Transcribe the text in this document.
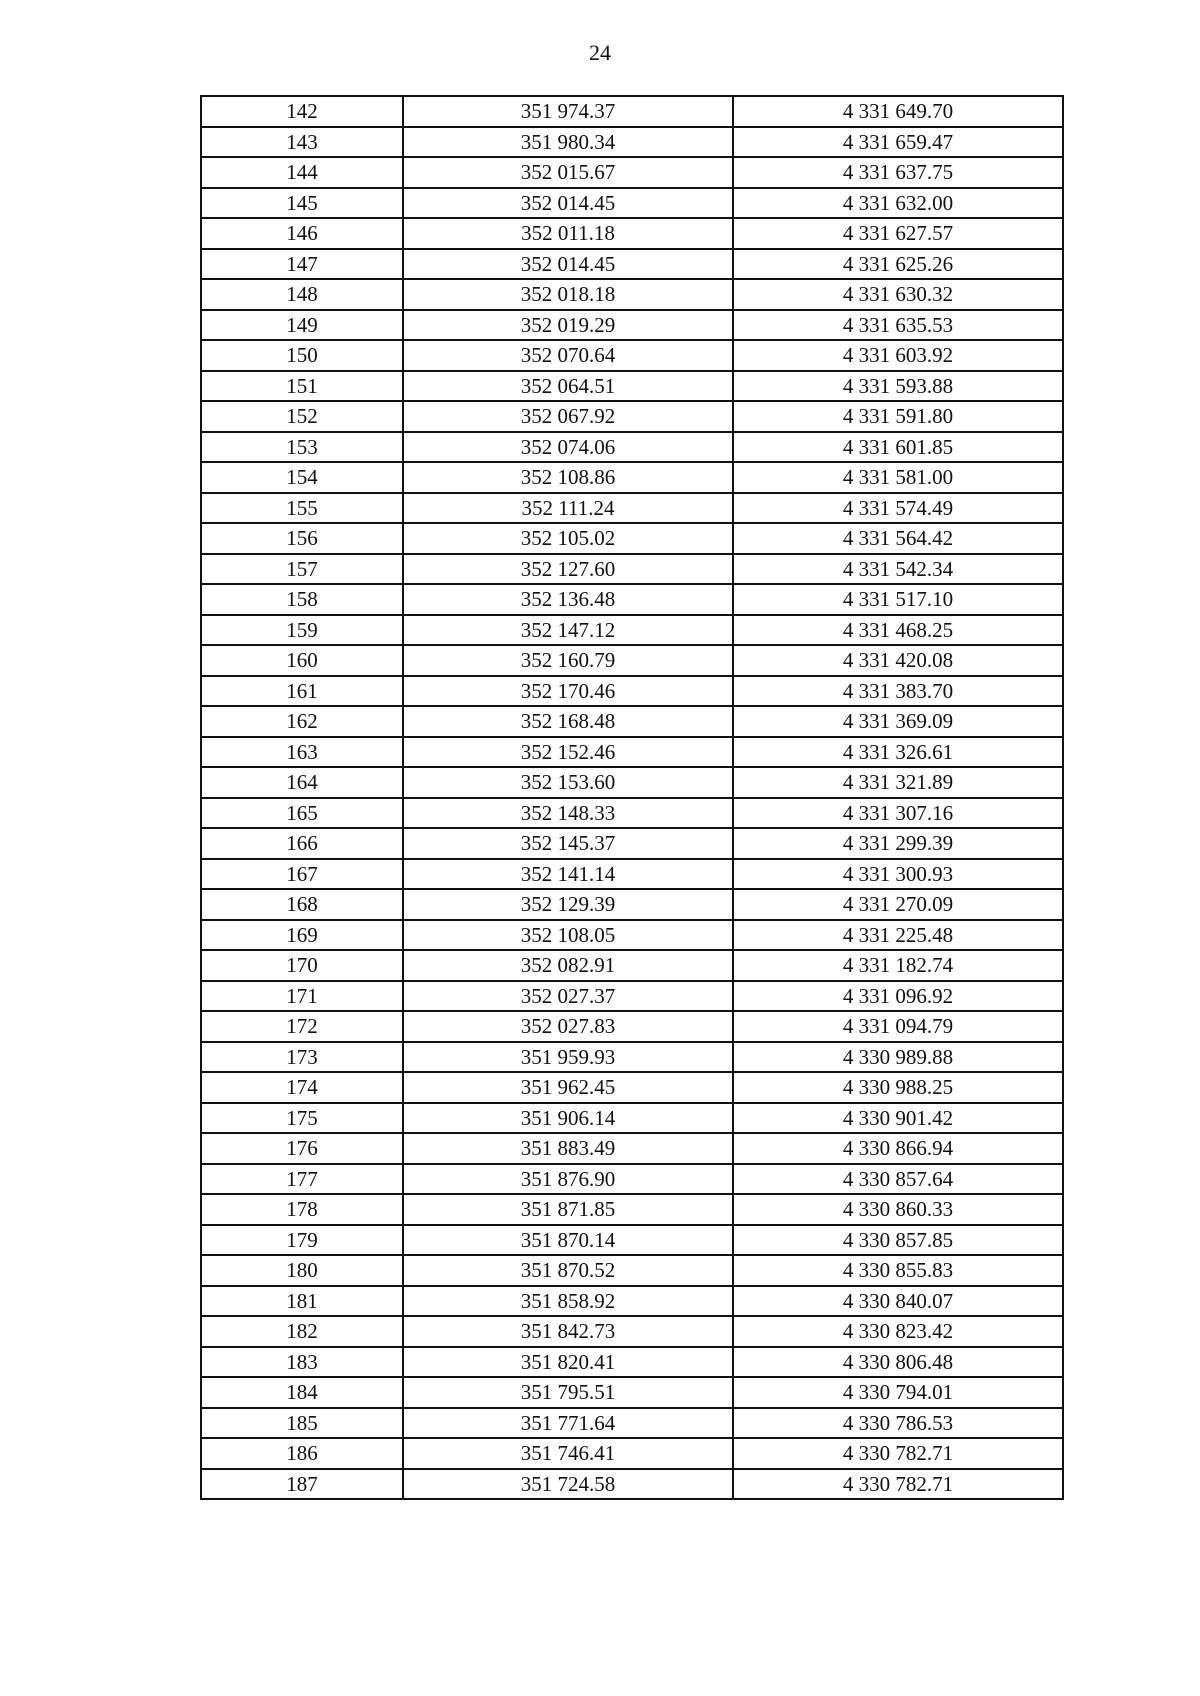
24
142	351 974.37	4 331 649.70
143	351 980.34	4 331 659.47
144	352 015.67	4 331 637.75
145	352 014.45	4 331 632.00
146	352 011.18	4 331 627.57
147	352 014.45	4 331 625.26
148	352 018.18	4 331 630.32
149	352 019.29	4 331 635.53
150	352 070.64	4 331 603.92
151	352 064.51	4 331 593.88
152	352 067.92	4 331 591.80
153	352 074.06	4 331 601.85
154	352 108.86	4 331 581.00
155	352 111.24	4 331 574.49
156	352 105.02	4 331 564.42
157	352 127.60	4 331 542.34
158	352 136.48	4 331 517.10
159	352 147.12	4 331 468.25
160	352 160.79	4 331 420.08
161	352 170.46	4 331 383.70
162	352 168.48	4 331 369.09
163	352 152.46	4 331 326.61
164	352 153.60	4 331 321.89
165	352 148.33	4 331 307.16
166	352 145.37	4 331 299.39
167	352 141.14	4 331 300.93
168	352 129.39	4 331 270.09
169	352 108.05	4 331 225.48
170	352 082.91	4 331 182.74
171	352 027.37	4 331 096.92
172	352 027.83	4 331 094.79
173	351 959.93	4 330 989.88
174	351 962.45	4 330 988.25
175	351 906.14	4 330 901.42
176	351 883.49	4 330 866.94
177	351 876.90	4 330 857.64
178	351 871.85	4 330 860.33
179	351 870.14	4 330 857.85
180	351 870.52	4 330 855.83
181	351 858.92	4 330 840.07
182	351 842.73	4 330 823.42
183	351 820.41	4 330 806.48
184	351 795.51	4 330 794.01
185	351 771.64	4 330 786.53
186	351 746.41	4 330 782.71
187	351 724.58	4 330 782.71
